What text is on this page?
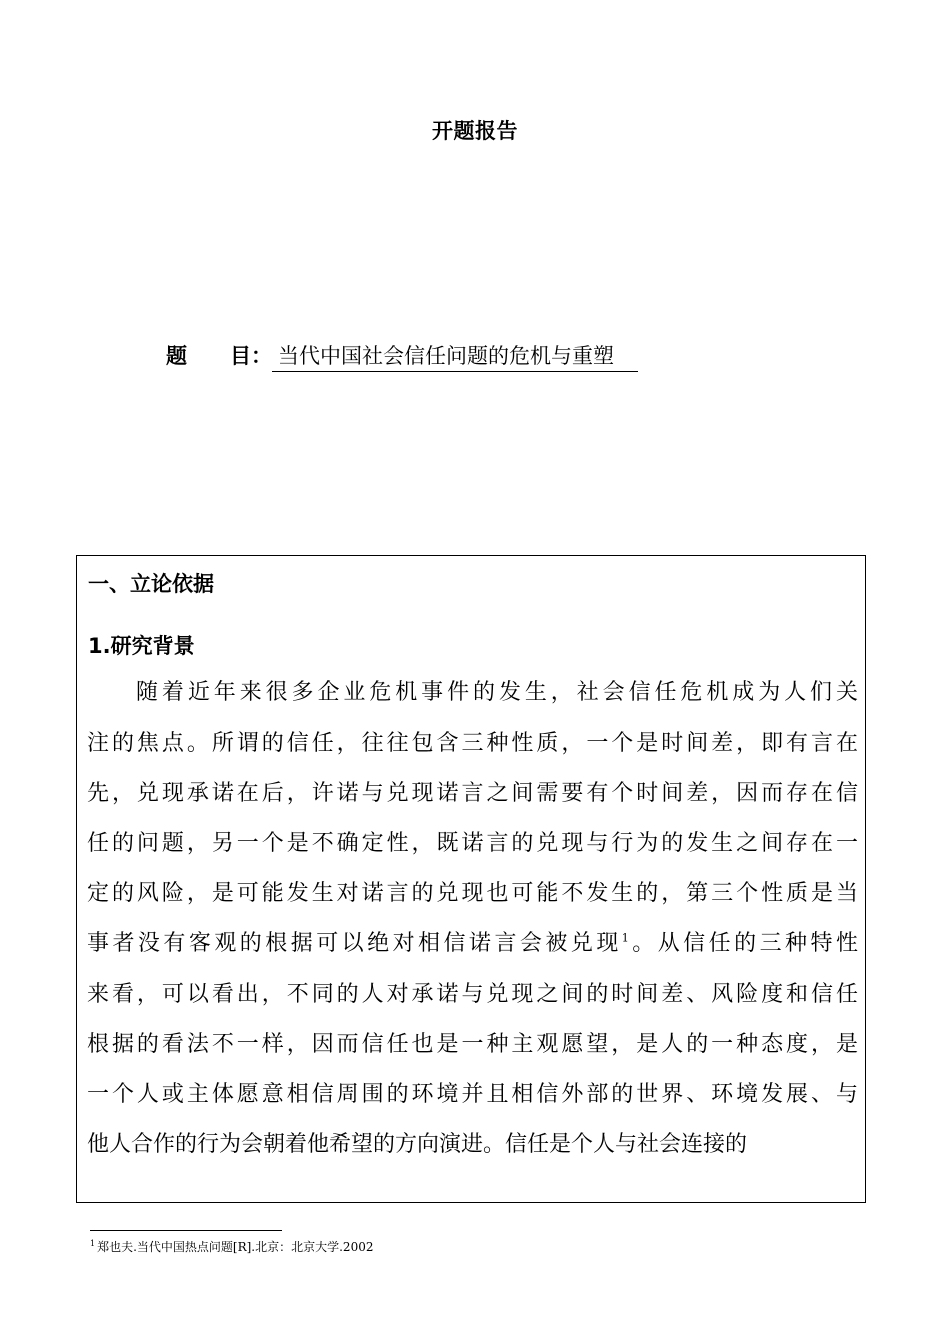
开题报告
题 目 ： 当代中国社会信任问题的危机与重塑
一、立论依据
1.研究背景
随着近年来很多企业危机事件的发生，社会信任危机成为人们关
注的焦点。所谓的信任，往往包含三种性质，一个是时间差，即有言在
先，兑现承诺在后，许诺与兑现诺言之间需要有个时间差，因而存在信
任的问题，另一个是不确定性，既诺言的兑现与行为的发生之间存在一
定的风险，是可能发生对诺言的兑现也可能不发生的，第三个性质是当
事者没有客观的根据可以绝对相信诺言会被兑现$^1$。从信任的三种特性
来看，可以看出，不同的人对承诺与兑现之间的时间差、风险度和信任
根据的看法不一样，因而信任也是一种主观愿望，是人的一种态度，是
一个人或主体愿意相信周围的环境并且相信外部的世界、环境发展、与
他人合作的行为会朝着他希望的方向演进。信任是个人与社会连接的
$^1$ 郑也夫.当代中国热点问题[R].北京：北京大学.2002
